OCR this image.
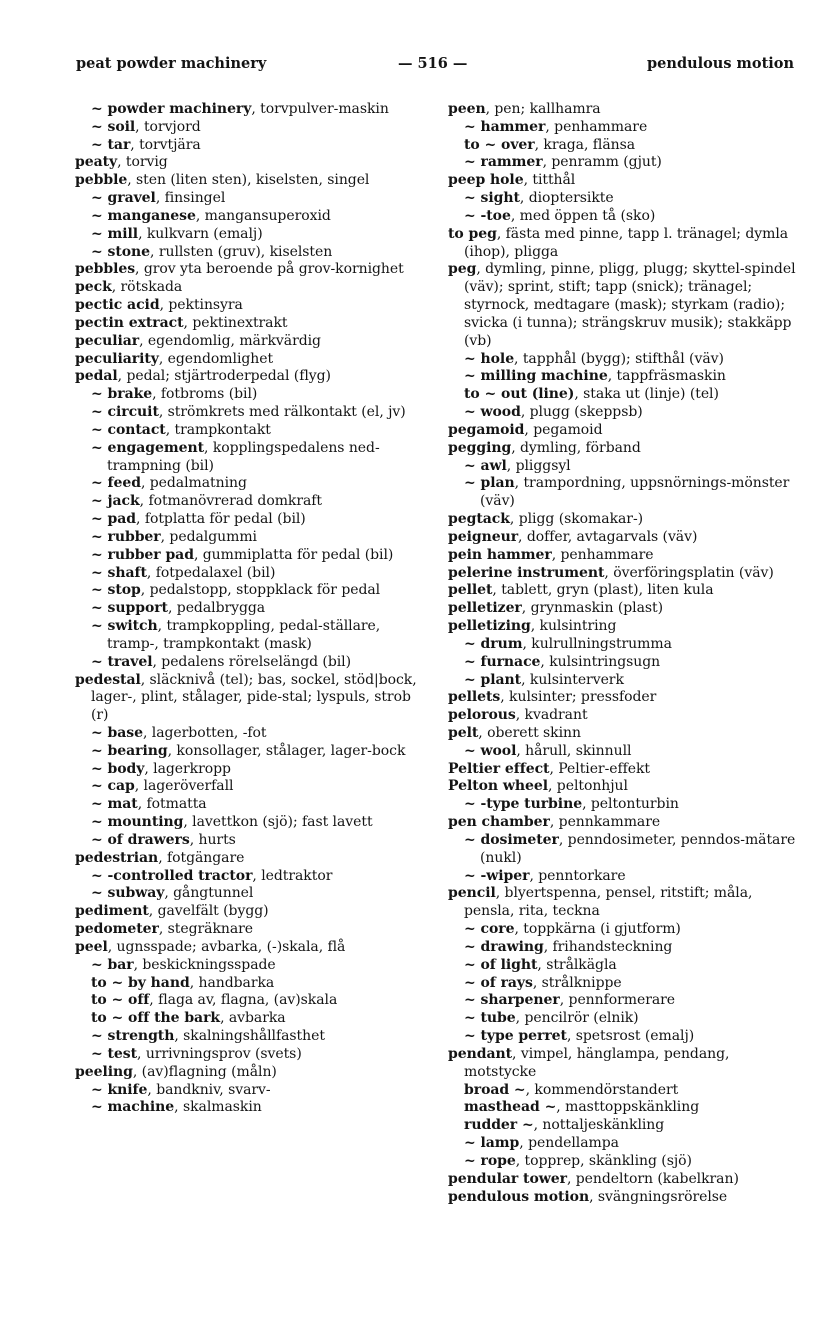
peat powder machinery	— 516 —	pendulous motion

~ powder machinery, torvpulver-maskin

~ soil, torvjord

~ tar, torvtjära

peaty, torvig

pebble, sten (liten sten), kiselsten, singel

~ gravel, finsingel

~ manganese, mangansuperoxid

~ mill, kulkvarn (emalj)

~ stone, rullsten (gruv), kiselsten

pebbles, grov yta beroende på grov-kornighet

peck, rötskada

pectic acid, pektinsyra

pectin extract, pektinextrakt

peculiar, egendomlig, märkvärdig

peculiarity, egendomlighet

pedal, pedal; stjärtroderpedal (flyg)

~ brake, fotbroms (bil)

~ circuit, strömkrets med rälkontakt (el, jv)

~ contact, trampkontakt

~ engagement, kopplingspedalens ned-trampning (bil)

~ feed, pedalmatning

~ jack, fotmanövrerad domkraft

~ pad, fotplatta för pedal (bil)

~ rubber, pedalgummi

~ rubber pad, gummiplatta för pedal (bil)

~ shaft, fotpedalaxel (bil)

~ stop, pedalstopp, stoppklack för pedal

~ support, pedalbrygga

~ switch, trampkoppling, pedal-ställare, tramp-, trampkontakt (mask)

~ travel, pedalens rörelselängd (bil)

pedestal, släcknivå (tel); bas, sockel, stöd|bock, lager-, plint, stålager, pide-stal; lyspuls, strob (r)

~ base, lagerbotten, -fot

~ bearing, konsollager, stålager, lager-bock

~ body, lagerkropp

~ cap, lageröverfall

~ mat, fotmatta

~ mounting, lavettkon (sjö); fast lavett

~ of drawers, hurts

pedestrian, fotgängare

~ -controlled tractor, ledtraktor

~ subway, gångtunnel

pediment, gavelfält (bygg)

pedometer, stegräknare

peel, ugnsspade; avbarka, (-)skala, flå

~ bar, beskickningsspade

to ~ by hand, handbarka

to ~ off, flaga av, flagna, (av)skala

to ~ off the bark, avbarka

~ strength, skalningshållfasthet

~ test, urrivningsprov (svets)

peeling, (av)flagning (måln)

~ knife, bandkniv, svarv-

~ machine, skalmaskin

peen, pen; kallhamra

~ hammer, penhammare

to ~ over, kraga, flänsa

~ rammer, penramm (gjut)

peep hole, titthål

~ sight, dioptersikte

~ -toe, med öppen tå (sko)

to peg, fästa med pinne, tapp l. tränagel; dymla (ihop), pligga

peg, dymling, pinne, pligg, plugg; skyttel-spindel (väv); sprint, stift; tapp (snick); tränagel; styrnock, medtagare (mask); styrkam (radio); svicka (i tunna); strängskruv musik); stakkäpp (vb)

~ hole, tapphål (bygg); stifthål (väv)

~ milling machine, tappfräsmaskin

to ~ out (line), staka ut (linje) (tel)

~ wood, plugg (skeppsb)

pegamoid, pegamoid

pegging, dymling, förband

~ awl, pliggsyl

~ plan, trampordning, uppsnörnings-mönster (väv)

pegtack, pligg (skomakar-)

peigneur, doffer, avtagarvals (väv)

pein hammer, penhammare

pelerine instrument, överföringsplatin (väv)

pellet, tablett, gryn (plast), liten kula

pelletizer, grynmaskin (plast)

pelletizing, kulsintring

~ drum, kulrullningstrumma

~ furnace, kulsintringsugn

~ plant, kulsinterverk

pellets, kulsinter; pressfoder

pelorous, kvadrant

pelt, oberett skinn

~ wool, hårull, skinnull

Peltier effect, Peltier-effekt

Pelton wheel, peltonhjul

~ -type turbine, peltonturbin

pen chamber, pennkammare

~ dosimeter, penndosimeter, penndos-mätare (nukl)

~ -wiper, penntorkare

pencil, blyertspenna, pensel, ritstift; måla, pensla, rita, teckna

~ core, toppkärna (i gjutform)

~ drawing, frihandsteckning

~ of light, strålkägla

~ of rays, strålknippe

~ sharpener, pennformerare

~ tube, pencilrör (elnik)

~ type perret, spetsrost (emalj)

pendant, vimpel, hänglampa, pendang, motstycke

broad ~, kommendörstandert

masthead ~, masttoppskänkling

rudder ~, nottaljeskänkling

~ lamp, pendellampa

~ rope, topprep, skänkling (sjö)

pendular tower, pendeltorn (kabelkran)

pendulous motion, svängningsrörelse
